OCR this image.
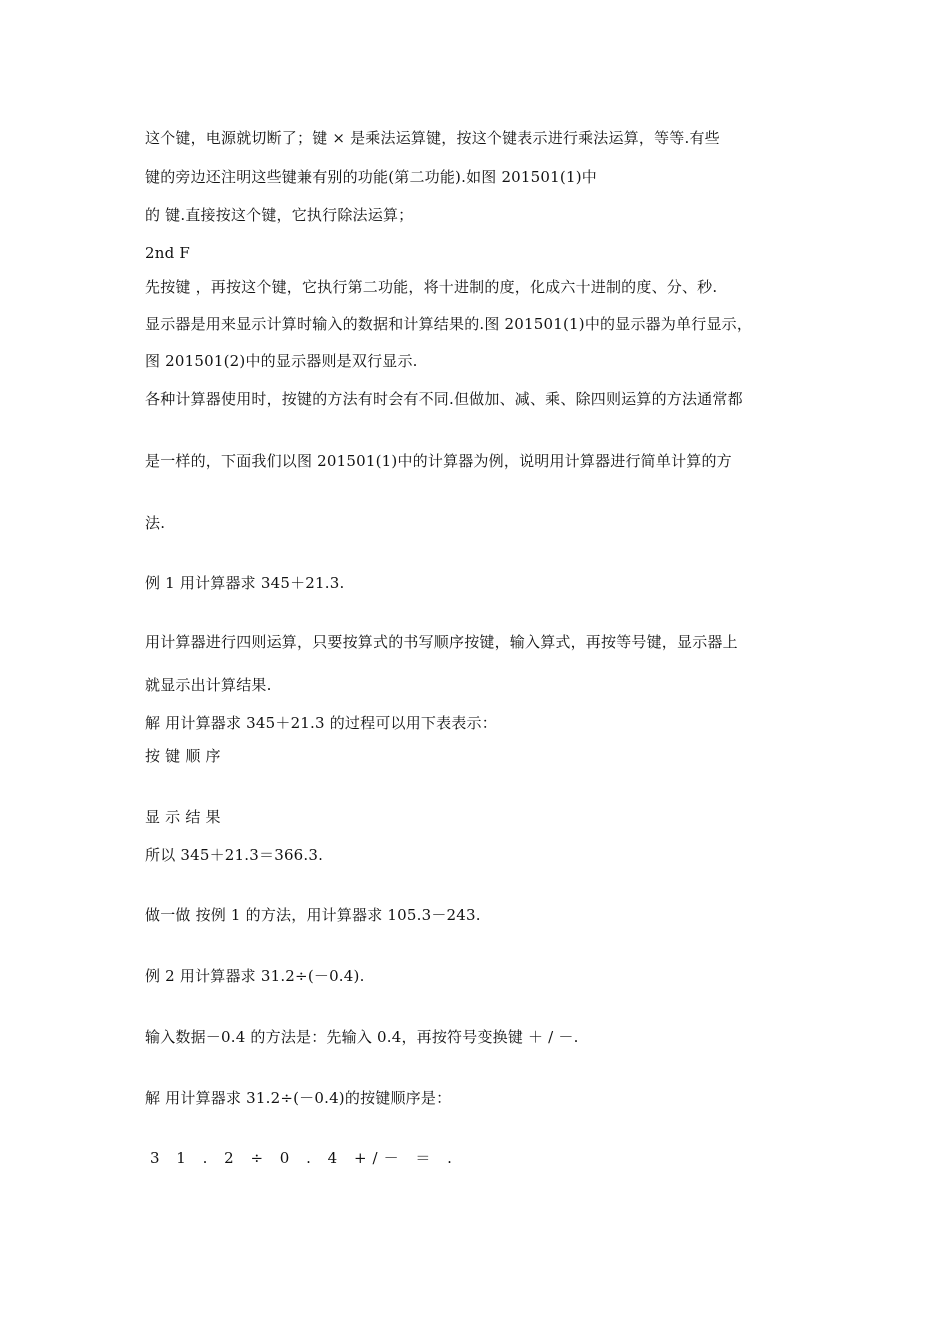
这个键，电源就切断了；键 × 是乘法运算键，按这个键表示进行乘法运算，等等.有些
键的旁边还注明这些键兼有别的功能(第二功能).如图 201501(1)中
的 键.直接按这个键，它执行除法运算；
2nd F
先按键 ，再按这个键，它执行第二功能，将十进制的度，化成六十进制的度、分、秒.
显示器是用来显示计算时输入的数据和计算结果的.图 201501(1)中的显示器为单行显示，
图 201501(2)中的显示器则是双行显示.
各种计算器使用时，按键的方法有时会有不同.但做加、减、乘、除四则运算的方法通常都
是一样的，下面我们以图 201501(1)中的计算器为例，说明用计算器进行简单计算的方
法.
例 1 用计算器求 345＋21.3.
用计算器进行四则运算，只要按算式的书写顺序按键，输入算式，再按等号键，显示器上
就显示出计算结果.
解 用计算器求 345＋21.3 的过程可以用下表表示：
按 键 顺 序
显 示 结 果
所以 345＋21.3＝366.3.
做一做 按例 1 的方法，用计算器求 105.3－243.
例 2 用计算器求 31.2÷(－0.4).
输入数据－0.4 的方法是：先输入 0.4，再按符号变换键 ＋ / －.
解 用计算器求 31.2÷(－0.4)的按键顺序是：
3 1 . 2 ÷ 0 . 4 +/－ ＝ .
